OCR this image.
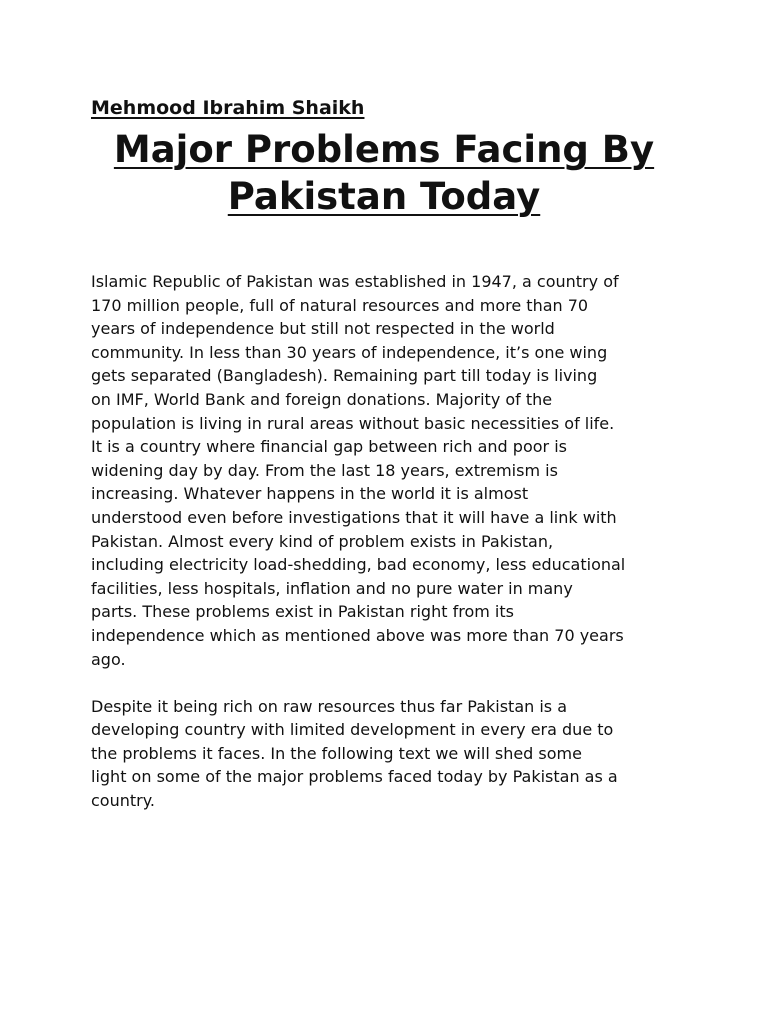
Mehmood Ibrahim Shaikh
Major Problems Facing By
Pakistan Today

Islamic Republic of Pakistan was established in 1947, a country of
170 million people, full of natural resources and more than 70
years of independence but still not respected in the world
community. In less than 30 years of independence, it’s one wing
gets separated (Bangladesh). Remaining part till today is living
on IMF, World Bank and foreign donations. Majority of the
population is living in rural areas without basic necessities of life.
It is a country where financial gap between rich and poor is
widening day by day. From the last 18 years, extremism is
increasing. Whatever happens in the world it is almost
understood even before investigations that it will have a link with
Pakistan. Almost every kind of problem exists in Pakistan,
including electricity load-shedding, bad economy, less educational
facilities, less hospitals, inflation and no pure water in many
parts. These problems exist in Pakistan right from its
independence which as mentioned above was more than 70 years
ago.

Despite it being rich on raw resources thus far Pakistan is a
developing country with limited development in every era due to
the problems it faces. In the following text we will shed some
light on some of the major problems faced today by Pakistan as a
country.
